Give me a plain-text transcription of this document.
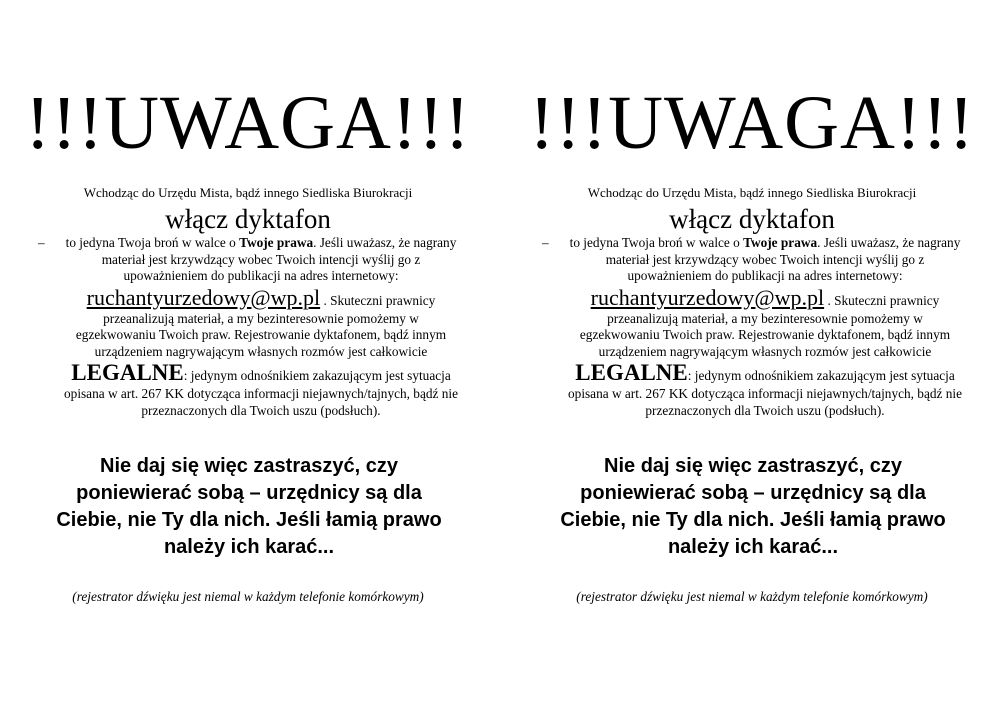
!!!UWAGA!!!
Wchodząc do Urzędu Mista, bądź innego Siedliska Biurokracji
włącz dyktafon
– to jedyna Twoja broń w walce o Twoje prawa. Jeśli uważasz, że nagrany materiał jest krzywdzący wobec Twoich intencji wyślij go z upoważnieniem do publikacji na adres internetowy: ruchantyurzedowy@wp.pl . Skuteczni prawnicy przeanalizują materiał, a my bezinteresownie pomożemy w egzekwowaniu Twoich praw. Rejestrowanie dyktafonem, bądź innym urządzeniem nagrywającym własnych rozmów jest całkowicie LEGALNE: jedynym odnośnikiem zakazującym jest sytuacja opisana w art. 267 KK dotycząca informacji niejawnych/tajnych, bądź nie przeznaczonych dla Twoich uszu (podsłuch).
Nie daj się więc zastraszyć, czy poniewierać sobą – urzędnicy są dla Ciebie, nie Ty dla nich. Jeśli łamią prawo należy ich karać...
(rejestrator dźwięku jest niemal w każdym telefonie komórkowym)
!!!UWAGA!!!
Wchodząc do Urzędu Mista, bądź innego Siedliska Biurokracji
włącz dyktafon
– to jedyna Twoja broń w walce o Twoje prawa. Jeśli uważasz, że nagrany materiał jest krzywdzący wobec Twoich intencji wyślij go z upoważnieniem do publikacji na adres internetowy: ruchantyurzedowy@wp.pl . Skuteczni prawnicy przeanalizują materiał, a my bezinteresownie pomożemy w egzekwowaniu Twoich praw. Rejestrowanie dyktafonem, bądź innym urządzeniem nagrywającym własnych rozmów jest całkowicie LEGALNE: jedynym odnośnikiem zakazującym jest sytuacja opisana w art. 267 KK dotycząca informacji niejawnych/tajnych, bądź nie przeznaczonych dla Twoich uszu (podsłuch).
Nie daj się więc zastraszyć, czy poniewierać sobą – urzędnicy są dla Ciebie, nie Ty dla nich. Jeśli łamią prawo należy ich karać...
(rejestrator dźwięku jest niemal w każdym telefonie komórkowym)
